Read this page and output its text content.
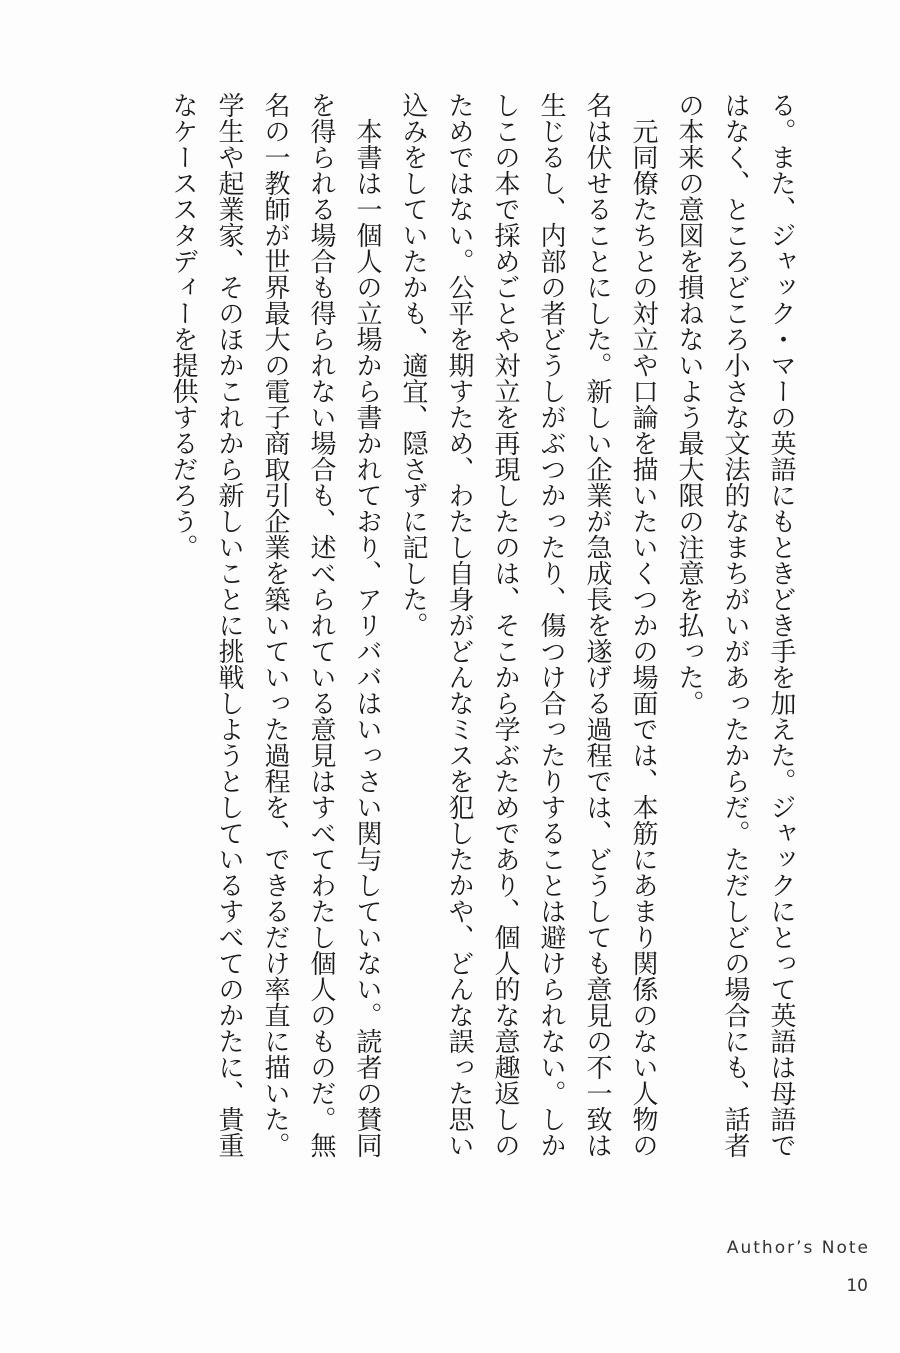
る。また、ジャック・マーの英語にもときどき手を加えた。ジャックにとって英語は母語ではなく、ところどころ小さな文法的なまちがいがあったからだ。ただしどの場合にも、話者の本来の意図を損ねないよう最大限の注意を払った。

元同僚たちとの対立や口論を描いたいくつかの場面では、本筋にあまり関係のない人物の名は伏せることにした。新しい企業が急成長を遂げる過程では、どうしても意見の不一致は生じるし、内部の者どうしがぶつかったり、傷つけ合ったりすることは避けられない。しかしこの本で採めごとや対立を再現したのは、そこから学ぶためであり、個人的な意趣返しのためではない。公平を期すため、わたし自身がどんなミスを犯したかや、どんな誤った思い込みをしていたかも、適宜、隠さずに記した。

本書は一個人の立場から書かれており、アリババはいっさい関与していない。読者の賛同を得られる場合も得られない場合も、述べられている意見はすべてわたし個人のものだ。無名の一教師が世界最大の電子商取引企業を築いていった過程を、できるだけ率直に描いた。学生や起業家、そのほかこれから新しいことに挑戦しようとしているすべてのかたに、貴重なケーススタディーを提供するだろう。

Author’s Note
10
